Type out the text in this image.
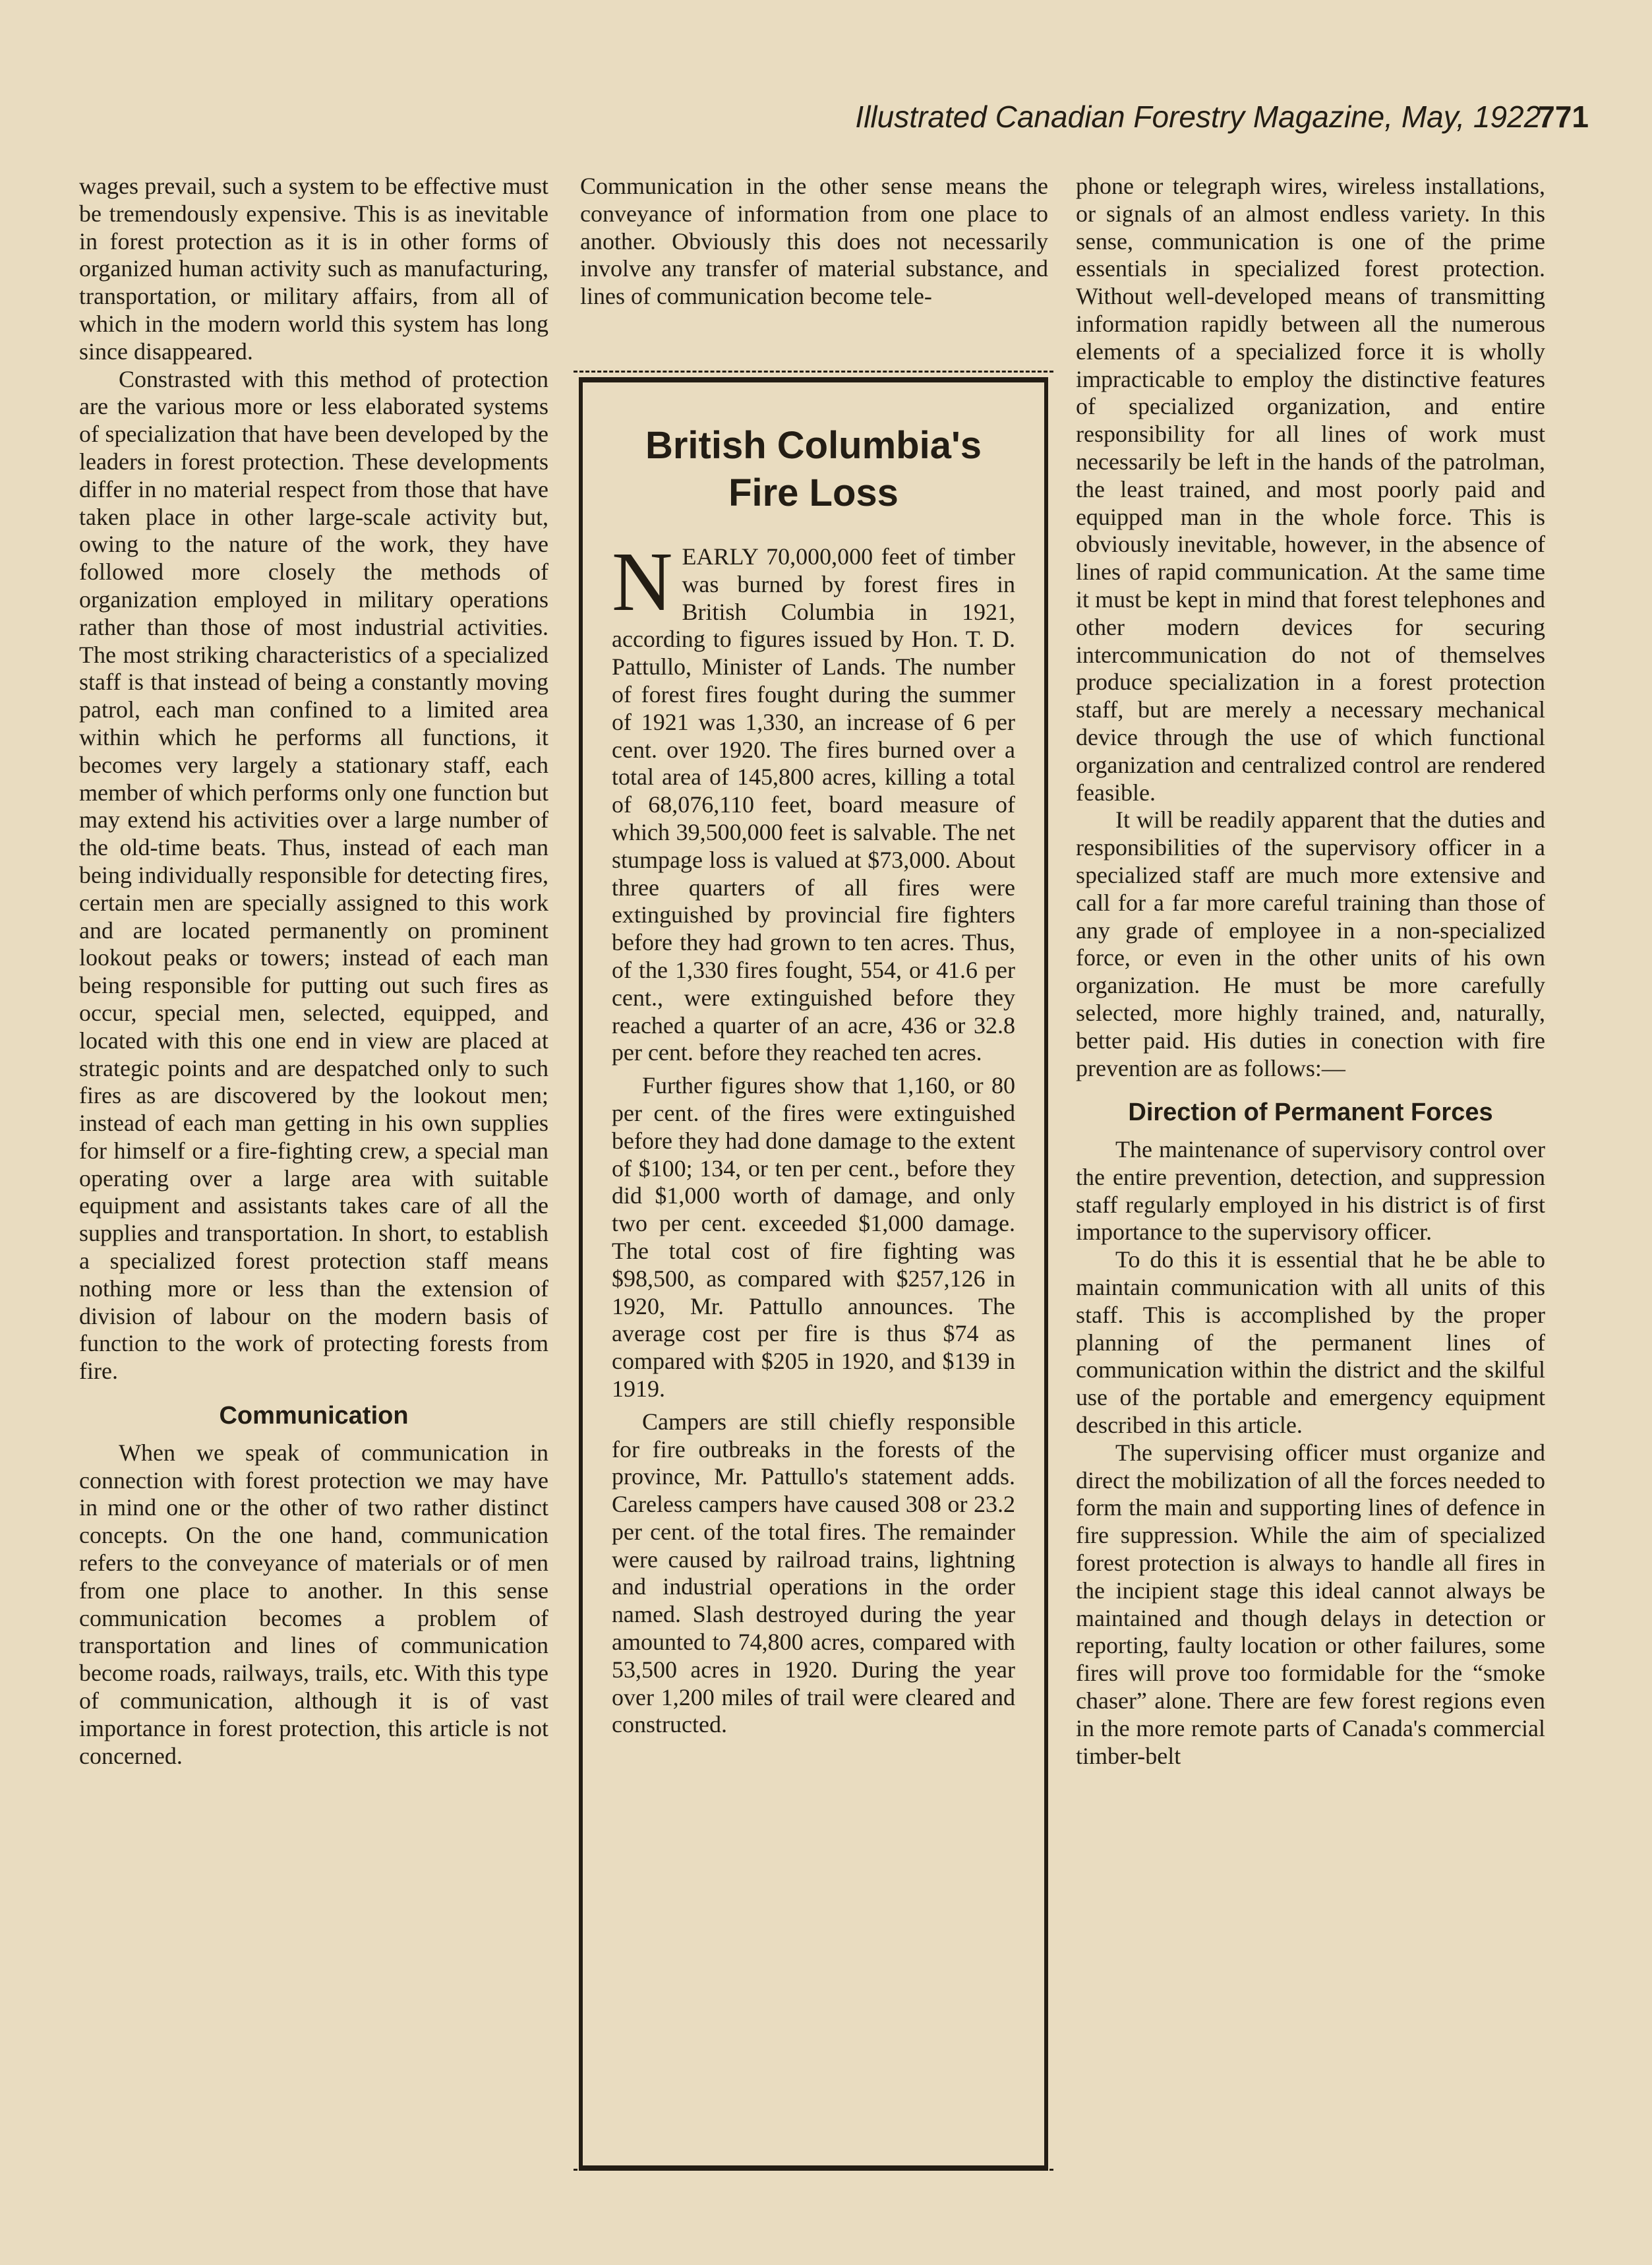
Illustrated Canadian Forestry Magazine, May, 1922.
771

wages prevail, such a system to be effective must be tremendously expensive. This is as inevitable in forest protection as it is in other forms of organized human activity such as manufacturing, transportation, or military affairs, from all of which in the modern world this system has long since disappeared.

Constrasted with this method of protection are the various more or less elaborated systems of specialization that have been developed by the leaders in forest protection. These developments differ in no material respect from those that have taken place in other large-scale activity but, owing to the nature of the work, they have followed more closely the methods of organization employed in military operations rather than those of most industrial activities. The most striking characteristics of a specialized staff is that instead of being a constantly moving patrol, each man confined to a limited area within which he performs all functions, it becomes very largely a stationary staff, each member of which performs only one function but may extend his activities over a large number of the old-time beats. Thus, instead of each man being individually responsible for detecting fires, certain men are specially assigned to this work and are located permanently on prominent lookout peaks or towers; instead of each man being responsible for putting out such fires as occur, special men, selected, equipped, and located with this one end in view are placed at strategic points and are despatched only to such fires as are discovered by the lookout men; instead of each man getting in his own supplies for himself or a fire-fighting crew, a special man operating over a large area with suitable equipment and assistants takes care of all the supplies and transportation. In short, to establish a specialized forest protection staff means nothing more or less than the extension of division of labour on the modern basis of function to the work of protecting forests from fire.

Communication

When we speak of communication in connection with forest protection we may have in mind one or the other of two rather distinct concepts. On the one hand, communication refers to the conveyance of materials or of men from one place to another. In this sense communication becomes a problem of transportation and lines of communication become roads, railways, trails, etc. With this type of communication, although it is of vast importance in forest protection, this article is not concerned.

Communication in the other sense means the conveyance of information from one place to another. Obviously this does not necessarily involve any transfer of material substance, and lines of communication become tele-

British Columbia's Fire Loss

NEARLY 70,000,000 feet of timber was burned by forest fires in British Columbia in 1921, according to figures issued by Hon. T. D. Pattullo, Minister of Lands. The number of forest fires fought during the summer of 1921 was 1,330, an increase of 6 per cent. over 1920. The fires burned over a total area of 145,800 acres, killing a total of 68,076,110 feet, board measure of which 39,500,000 feet is salvable. The net stumpage loss is valued at $73,000. About three quarters of all fires were extinguished by provincial fire fighters before they had grown to ten acres. Thus, of the 1,330 fires fought, 554, or 41.6 per cent., were extinguished before they reached a quarter of an acre, 436 or 32.8 per cent. before they reached ten acres.

Further figures show that 1,160, or 80 per cent. of the fires were extinguished before they had done damage to the extent of $100; 134, or ten per cent., before they did $1,000 worth of damage, and only two per cent. exceeded $1,000 damage. The total cost of fire fighting was $98,500, as compared with $257,126 in 1920, Mr. Pattullo announces. The average cost per fire is thus $74 as compared with $205 in 1920, and $139 in 1919.

Campers are still chiefly responsible for fire outbreaks in the forests of the province, Mr. Pattullo's statement adds. Careless campers have caused 308 or 23.2 per cent. of the total fires. The remainder were caused by railroad trains, lightning and industrial operations in the order named. Slash destroyed during the year amounted to 74,800 acres, compared with 53,500 acres in 1920. During the year over 1,200 miles of trail were cleared and constructed.

phone or telegraph wires, wireless installations, or signals of an almost endless variety. In this sense, communication is one of the prime essentials in specialized forest protection. Without well-developed means of transmitting information rapidly between all the numerous elements of a specialized force it is wholly impracticable to employ the distinctive features of specialized organization, and entire responsibility for all lines of work must necessarily be left in the hands of the patrolman, the least trained, and most poorly paid and equipped man in the whole force. This is obviously inevitable, however, in the absence of lines of rapid communication. At the same time it must be kept in mind that forest telephones and other modern devices for securing intercommunication do not of themselves produce specialization in a forest protection staff, but are merely a necessary mechanical device through the use of which functional organization and centralized control are rendered feasible.

It will be readily apparent that the duties and responsibilities of the supervisory officer in a specialized staff are much more extensive and call for a far more careful training than those of any grade of employee in a non-specialized force, or even in the other units of his own organization. He must be more carefully selected, more highly trained, and, naturally, better paid. His duties in conection with fire prevention are as follows:—

Direction of Permanent Forces

The maintenance of supervisory control over the entire prevention, detection, and suppression staff regularly employed in his district is of first importance to the supervisory officer.

To do this it is essential that he be able to maintain communication with all units of this staff. This is accomplished by the proper planning of the permanent lines of communication within the district and the skilful use of the portable and emergency equipment described in this article.

The supervising officer must organize and direct the mobilization of all the forces needed to form the main and supporting lines of defence in fire suppression. While the aim of specialized forest protection is always to handle all fires in the incipient stage this ideal cannot always be maintained and though delays in detection or reporting, faulty location or other failures, some fires will prove too formidable for the “smoke chaser” alone. There are few forest regions even in the more remote parts of Canada's commercial timber-belt
